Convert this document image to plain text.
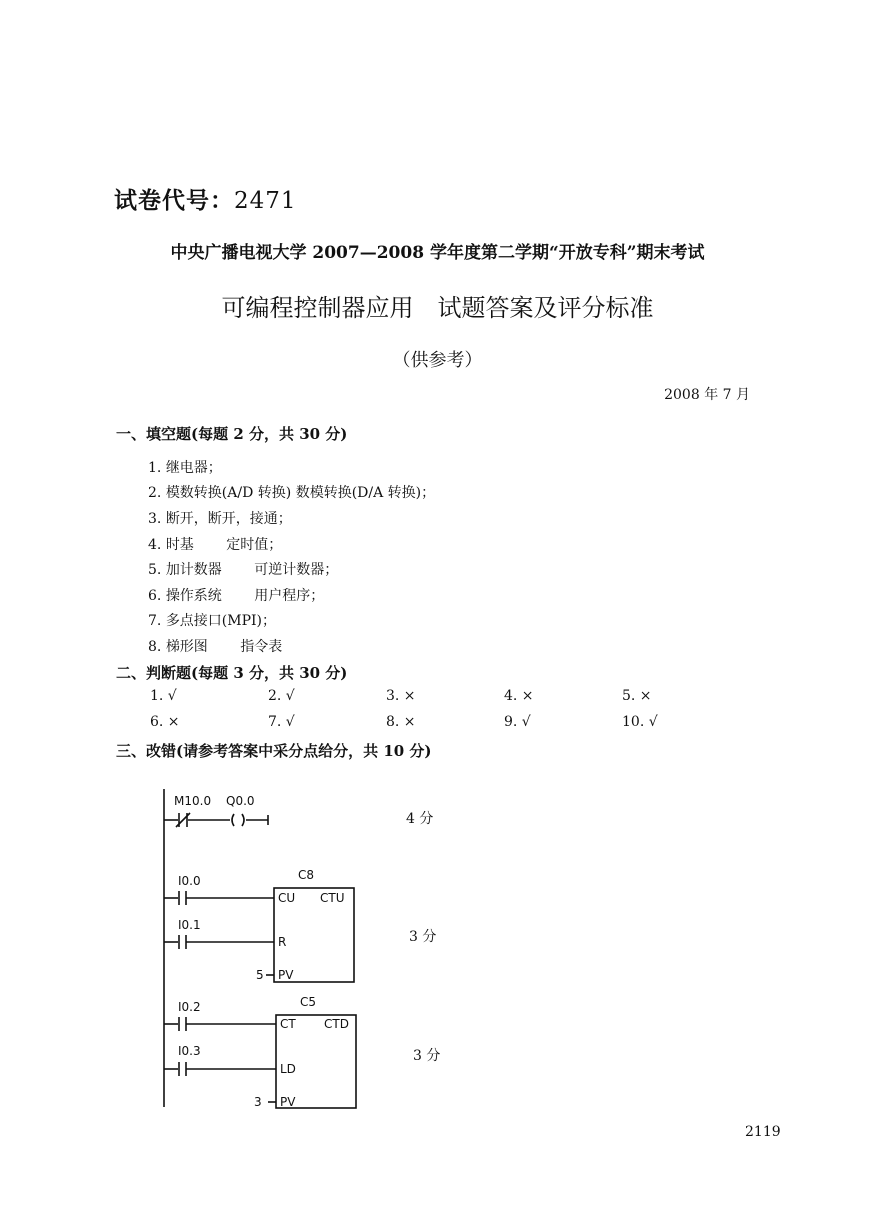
试卷代号：2471
中央广播电视大学 2007—2008 学年度第二学期“开放专科”期末考试
可编程控制器应用　试题答案及评分标准
（供参考）
2008 年 7 月
一、填空题(每题 2 分，共 30 分)
1. 继电器；
2. 模数转换(A/D 转换) 数模转换(D/A 转换)；
3. 断开，断开，接通；
4. 时基 定时值；
5. 加计数器 可逆计数器；
6. 操作系统 用户程序；
7. 多点接口(MPI)；
8. 梯形图 指令表
二、判断题(每题 3 分，共 30 分)
1. √	2. √	3. ×	4. ×	5. ×
6. ×	7. √	8. ×	9. √	10. √
三、改错(请参考答案中采分点给分，共 10 分)
M10.0 Q0.0
C8
I0.0
I0.1
CU CTU
R
PV
5
C5
I0.2
I0.3
CT CTD
LD
PV
3
4 分
3 分
3 分
2119
